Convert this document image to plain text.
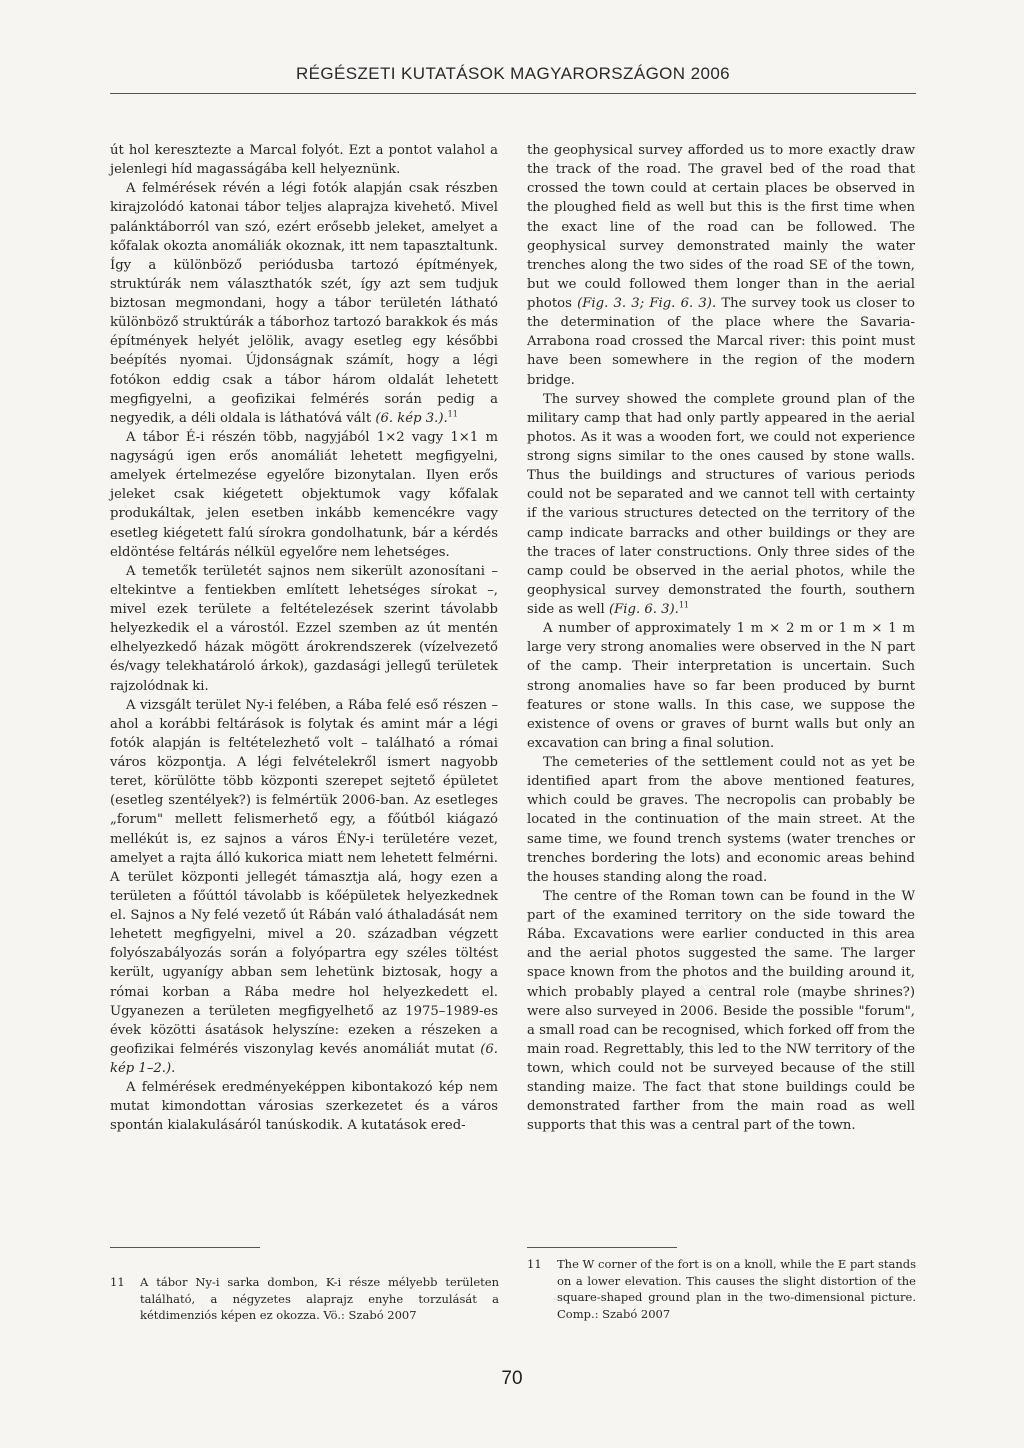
RÉGÉSZETI KUTATÁSOK MAGYARORSZÁGON 2006

út hol keresztezte a Marcal folyót. Ezt a pontot valahol a jelenlegi híd magasságába kell helyeznünk.

A felmérések révén a légi fotók alapján csak részben kirajzolódó katonai tábor teljes alaprajza kivehető. Mivel palánktáborról van szó, ezért erősebb jeleket, amelyet a kőfalak okozta anomáliák okoznak, itt nem tapasztaltunk. Így a különböző periódusba tartozó építmények, struktúrák nem választhatók szét, így azt sem tudjuk biztosan megmondani, hogy a tábor területén látható különböző struktúrák a táborhoz tartozó barakkok és más építmények helyét jelölik, avagy esetleg egy későbbi beépítés nyomai. Újdonságnak számít, hogy a légi fotókon eddig csak a tábor három oldalát lehetett megfigyelni, a geofizikai felmérés során pedig a negyedik, a déli oldala is láthatóvá vált (6. kép 3.).$^{11}$

A tábor É-i részén több, nagyjából 1×2 vagy 1×1 m nagyságú igen erős anomáliát lehetett megfigyelni, amelyek értelmezése egyelőre bizonytalan. Ilyen erős jeleket csak kiégetett objektumok vagy kőfalak produkáltak, jelen esetben inkább kemencékre vagy esetleg kiégetett falú sírokra gondolhatunk, bár a kérdés eldöntése feltárás nélkül egyelőre nem lehetséges.

A temetők területét sajnos nem sikerült azonosítani – eltekintve a fentiekben említett lehetséges sírokat –, mivel ezek területe a feltételezések szerint távolabb helyezkedik el a várostól. Ezzel szemben az út mentén elhelyezkedő házak mögött árokrendszerek (vízelvezető és/vagy telekhatároló árkok), gazdasági jellegű területek rajzolódnak ki.

A vizsgált terület Ny-i felében, a Rába felé eső részen – ahol a korábbi feltárások is folytak és amint már a légi fotók alapján is feltételezhető volt – található a római város központja. A légi felvételekről ismert nagyobb teret, körülötte több központi szerepet sejtető épületet (esetleg szentélyek?) is felmértük 2006-ban. Az esetleges „forum" mellett felismerhető egy, a főútból kiágazó mellékút is, ez sajnos a város ÉNy-i területére vezet, amelyet a rajta álló kukorica miatt nem lehetett felmérni. A terület központi jellegét támasztja alá, hogy ezen a területen a főúttól távolabb is kőépületek helyezkednek el. Sajnos a Ny felé vezető út Rábán való áthaladását nem lehetett megfigyelni, mivel a 20. században végzett folyószabályozás során a folyópartra egy széles töltést került, ugyanígy abban sem lehetünk biztosak, hogy a római korban a Rába medre hol helyezkedett el. Ugyanezen a területen megfigyelhető az 1975–1989-es évek közötti ásatások helyszíne: ezeken a részeken a geofizikai felmérés viszonylag kevés anomáliát mutat (6. kép 1–2.).

A felmérések eredményeképpen kibontakozó kép nem mutat kimondottan városias szerkezetet és a város spontán kialakulásáról tanúskodik. A kutatások ered-

the geophysical survey afforded us to more exactly draw the track of the road. The gravel bed of the road that crossed the town could at certain places be observed in the ploughed field as well but this is the first time when the exact line of the road can be followed. The geophysical survey demonstrated mainly the water trenches along the two sides of the road SE of the town, but we could followed them longer than in the aerial photos (Fig. 3. 3; Fig. 6. 3). The survey took us closer to the determination of the place where the Savaria-Arrabona road crossed the Marcal river: this point must have been somewhere in the region of the modern bridge.

The survey showed the complete ground plan of the military camp that had only partly appeared in the aerial photos. As it was a wooden fort, we could not experience strong signs similar to the ones caused by stone walls. Thus the buildings and structures of various periods could not be separated and we cannot tell with certainty if the various structures detected on the territory of the camp indicate barracks and other buildings or they are the traces of later constructions. Only three sides of the camp could be observed in the aerial photos, while the geophysical survey demonstrated the fourth, southern side as well (Fig. 6. 3).$^{11}$

A number of approximately 1 m × 2 m or 1 m × 1 m large very strong anomalies were observed in the N part of the camp. Their interpretation is uncertain. Such strong anomalies have so far been produced by burnt features or stone walls. In this case, we suppose the existence of ovens or graves of burnt walls but only an excavation can bring a final solution.

The cemeteries of the settlement could not as yet be identified apart from the above mentioned features, which could be graves. The necropolis can probably be located in the continuation of the main street. At the same time, we found trench systems (water trenches or trenches bordering the lots) and economic areas behind the houses standing along the road.

The centre of the Roman town can be found in the W part of the examined territory on the side toward the Rába. Excavations were earlier conducted in this area and the aerial photos suggested the same. The larger space known from the photos and the building around it, which probably played a central role (maybe shrines?) were also surveyed in 2006. Beside the possible "forum", a small road can be recognised, which forked off from the main road. Regrettably, this led to the NW territory of the town, which could not be surveyed because of the still standing maize. The fact that stone buildings could be demonstrated farther from the main road as well supports that this was a central part of the town.

11 A tábor Ny-i sarka dombon, K-i része mélyebb területen található, a négyzetes alaprajz enyhe torzulását a kétdimenziós képen ez okozza. Vö.: Szabó 2007
11 The W corner of the fort is on a knoll, while the E part stands on a lower elevation. This causes the slight distortion of the square-shaped ground plan in the two-dimensional picture. Comp.: Szabó 2007
70
